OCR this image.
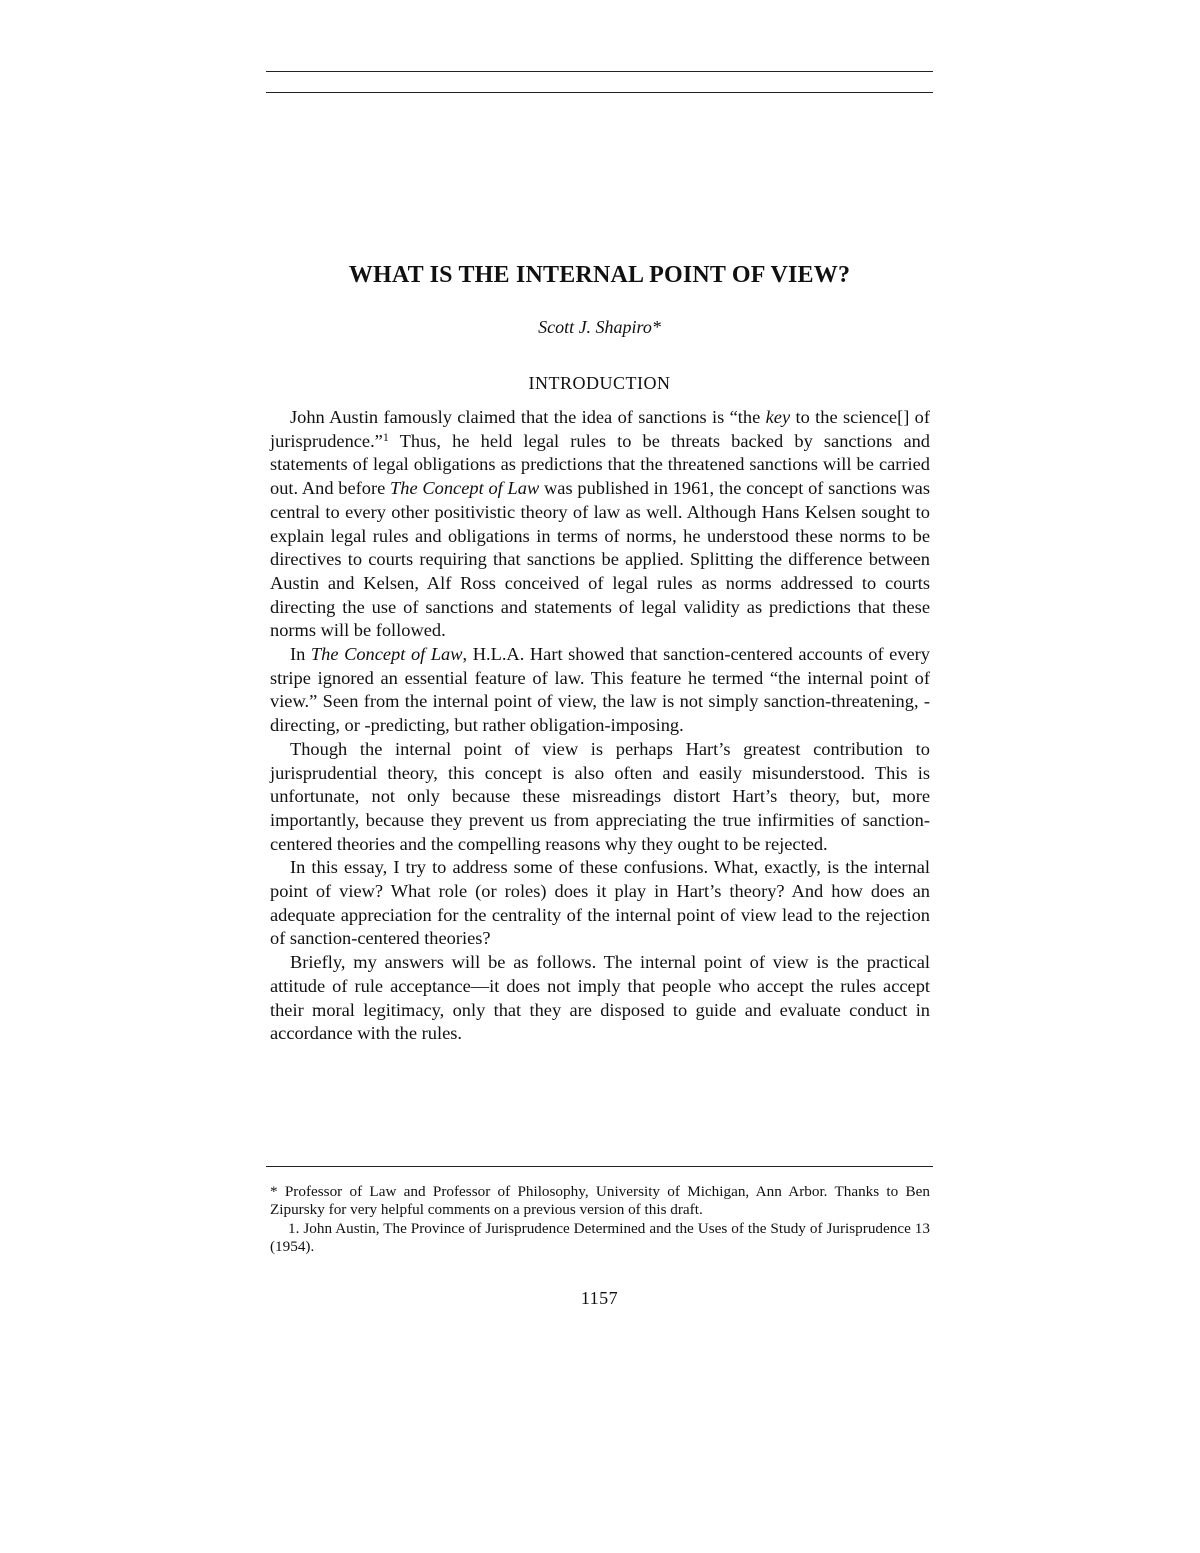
WHAT IS THE INTERNAL POINT OF VIEW?
Scott J. Shapiro*
INTRODUCTION

John Austin famously claimed that the idea of sanctions is “the key to the science[] of jurisprudence.”$^1$ Thus, he held legal rules to be threats backed by sanctions and statements of legal obligations as predictions that the threatened sanctions will be carried out. And before The Concept of Law was published in 1961, the concept of sanctions was central to every other positivistic theory of law as well. Although Hans Kelsen sought to explain legal rules and obligations in terms of norms, he understood these norms to be directives to courts requiring that sanctions be applied. Splitting the difference between Austin and Kelsen, Alf Ross conceived of legal rules as norms addressed to courts directing the use of sanctions and statements of legal validity as predictions that these norms will be followed.

In The Concept of Law, H.L.A. Hart showed that sanction-centered accounts of every stripe ignored an essential feature of law. This feature he termed “the internal point of view.” Seen from the internal point of view, the law is not simply sanction-threatening, -directing, or -predicting, but rather obligation-imposing.

Though the internal point of view is perhaps Hart’s greatest contribution to jurisprudential theory, this concept is also often and easily misunderstood. This is unfortunate, not only because these misreadings distort Hart’s theory, but, more importantly, because they prevent us from appreciating the true infirmities of sanction-centered theories and the compelling reasons why they ought to be rejected.

In this essay, I try to address some of these confusions. What, exactly, is the internal point of view? What role (or roles) does it play in Hart’s theory? And how does an adequate appreciation for the centrality of the internal point of view lead to the rejection of sanction-centered theories?

Briefly, my answers will be as follows. The internal point of view is the practical attitude of rule acceptance—it does not imply that people who accept the rules accept their moral legitimacy, only that they are disposed to guide and evaluate conduct in accordance with the rules.

* Professor of Law and Professor of Philosophy, University of Michigan, Ann Arbor. Thanks to Ben Zipursky for very helpful comments on a previous version of this draft.

1. John Austin, The Province of Jurisprudence Determined and the Uses of the Study of Jurisprudence 13 (1954).

1157
